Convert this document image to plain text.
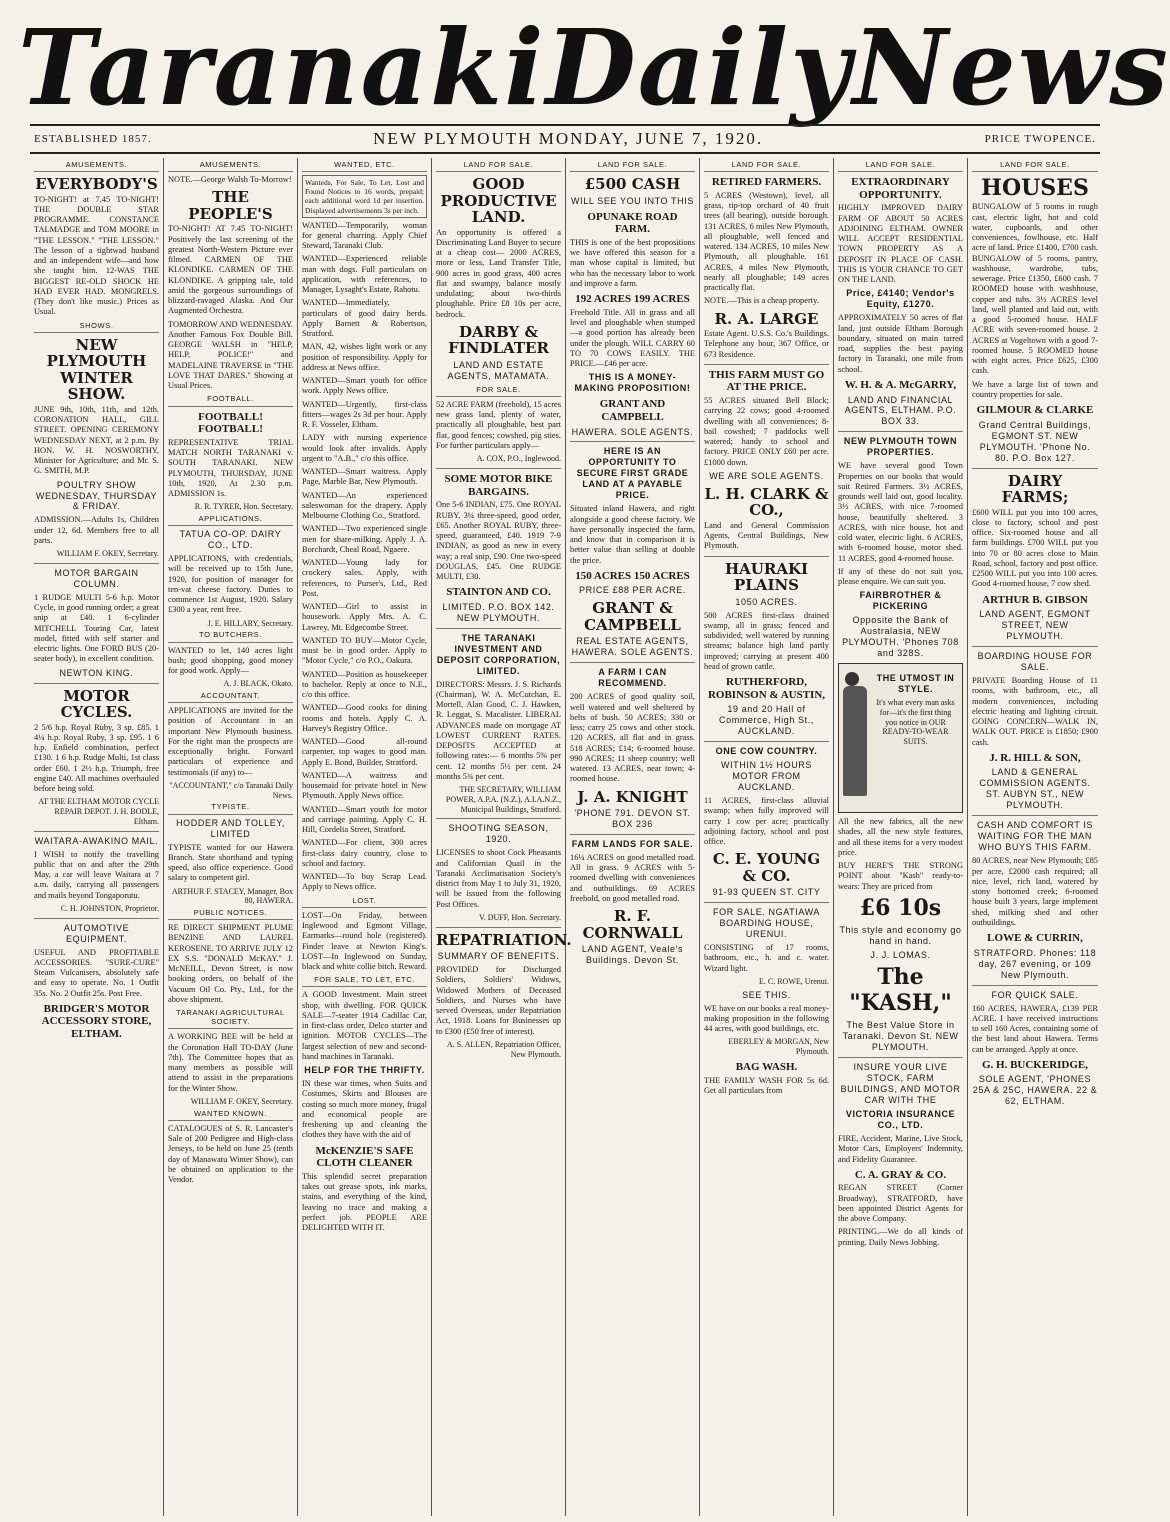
Taranaki Daily News
ESTABLISHED 1857.	NEW PLYMOUTH MONDAY, JUNE 7, 1920.	PRICE TWOPENCE.
AMUSEMENTS.
EVERYBODY'S
TO-NIGHT! at 7.45 TO-NIGHT! THE DOUBLE STAR PROGRAMME. CONSTANCE TALMADGE and TOM MOORE in "THE LESSON." "THE LESSON." The lesson of a tightwad husband and an independent wife—and how she taught him. 12-WAS THE BIGGEST RE-OLD SHOCK HE HAD EVER HAD. MONGRELS. (They don't like music.) Prices as Usual.
SHOWS.
NEW PLYMOUTH WINTER SHOW.
JUNE 9th, 10th, 11th, and 12th. CORONATION HALL, GILL STREET. OPENING CEREMONY WEDNESDAY NEXT, at 2 p.m. By HON. W. H. NOSWORTHY, Minister for Agriculture; and Mr. S. G. SMITH, M.P.
POULTRY SHOW WEDNESDAY, THURSDAY & FRIDAY.
ADMISSION.—Adults 1s, Children under 12, 6d. Members free to all parts.
WILLIAM F. OKEY, Secretary.
MOTOR BARGAIN COLUMN.
1 RUDGE MULTI 5-6 h.p. Motor Cycle, in good running order; a great snip at £40. 1 6-cylinder MITCHELL Touring Car, latest model, fitted with self starter and electric lights. One FORD BUS (20-seater body), in excellent condition.
NEWTON KING.
MOTOR CYCLES.
2 5/6 h.p. Royal Ruby, 3 sp. £85. 1 4¼ h.p. Royal Ruby, 3 sp. £95. 1 6 h.p. Enfield combination, perfect £130. 1 6 h.p. Rudge Multi, 1st class order £60. 1 2½ h.p. Triumph, free engine £40. All machines overhauled before being sold.
AT THE ELTHAM MOTOR CYCLE REPAIR DEPOT. J. H. BODLE, Eltham.
WAITARA-AWAKINO MAIL.
I WISH to notify the travelling public that on and after the 29th May, a car will leave Waitara at 7 a.m. daily, carrying all passengers and mails beyond Tongaporutu.
C. H. JOHNSTON, Proprietor.
AUTOMOTIVE EQUIPMENT.
USEFUL AND PROFITABLE ACCESSORIES. "SURE-CURE" Steam Vulcanisers, absolutely safe and easy to operate. No. 1 Outfit 35s. No. 2 Outfit 25s. Post Free.
BRIDGER'S MOTOR ACCESSORY STORE, ELTHAM.
AMUSEMENTS.
NOTE.—George Walsh To-Morrow!
THE PEOPLE'S
TO-NIGHT! AT 7.45 TO-NIGHT! Positively the last screening of the greatest North-Western Picture ever filmed. CARMEN OF THE KLONDIKE. CARMEN OF THE KLONDIKE. A gripping tale, told amid the gorgeous surroundings of blizzard-ravaged Alaska. And Our Augmented Orchestra.
TOMORROW AND WEDNESDAY. Another Famous Fox Double Bill. GEORGE WALSH in "HELP, HELP, POLICE!" and MADELAINE TRAVERSE in "THE LOVE THAT DARES." Showing at Usual Prices.
FOOTBALL.
FOOTBALL! FOOTBALL!
REPRESENTATIVE TRIAL MATCH NORTH TARANAKI v. SOUTH TARANAKI. NEW PLYMOUTH, THURSDAY, JUNE 10th, 1920, At 2.30 p.m. ADMISSION 1s.
R. R. TYRER, Hon. Secretary.
APPLICATIONS.
TATUA CO-OP. DAIRY CO., LTD.
APPLICATIONS, with credentials, will be received up to 15th June, 1920, for position of manager for ten-vat cheese factory. Duties to commence 1st August, 1920. Salary £300 a year, rent free.
J. E. HILLARY, Secretary.
TO BUTCHERS.
WANTED to let, 140 acres light bush; good shopping, good money for good work. Apply—
A. J. BLACK, Okato.
ACCOUNTANT.
APPLICATIONS are invited for the position of Accountant in an important New Plymouth business. For the right man the prospects are exceptionally bright. Forward particulars of experience and testimonials (if any) to—
"ACCOUNTANT," c/o Taranaki Daily News.
TYPISTE.
HODDER AND TOLLEY, LIMITED
TYPISTE wanted for our Hawera Branch. State shorthand and typing speed, also office experience. Good salary to competent girl.
ARTHUR F. STACEY, Manager, Box 80, HAWERA.
PUBLIC NOTICES.
RE DIRECT SHIPMENT PLUME BENZINE AND LAUREL KEROSENE. TO ARRIVE JULY 12 EX S.S. "DONALD McKAY." J. McNEILL, Devon Street, is now booking orders, on behalf of the Vacuum Oil Co. Pty., Ltd., for the above shipment.
TARANAKI AGRICULTURAL SOCIETY.
A WORKING BEE will be held at the Coronation Hall TO-DAY (June 7th). The Committee hopes that as many members as possible will attend to assist in the preparations for the Winter Show.
WILLIAM F. OKEY, Secretary.
WANTED KNOWN.
CATALOGUES of S. R. Lancaster's Sale of 200 Pedigree and High-class Jerseys, to be held on June 25 (tenth day of Manawatu Winter Show), can be obtained on application to the Vendor.
WANTED, ETC.
Wanteds, For Sale, To Let, Lost and Found Notices to 16 words, prepaid; each additional word 1d per insertion. Displayed advertisements 3s per inch.
WANTED—Temporarily, woman for general charring. Apply Chief Steward, Taranaki Club.
WANTED—Experienced reliable man with dogs. Full particulars on application, with references, to Manager, Lysaght's Estate, Rahotu.
WANTED—Immediately, particulars of good dairy herds. Apply Barnett & Robertson, Stratford.
MAN, 42, wishes light work or any position of responsibility. Apply for address at News office.
WANTED—Smart youth for office work. Apply News office.
WANTED—Urgently, first-class fitters—wages 2s 3d per hour. Apply R. F. Vosseler, Eltham.
LADY with nursing experience would look after invalids. Apply urgent to "A.B.," c/o this office.
WANTED—Smart waitress. Apply Page, Marble Bar, New Plymouth.
WANTED—An experienced saleswoman for the drapery. Apply Melbourne Clothing Co., Stratford.
WANTED—Two experienced single men for share-milking. Apply J. A. Borchardt, Cheal Road, Ngaere.
WANTED—Young lady for crockery sales. Apply, with references, to Purser's, Ltd., Red Post.
WANTED—Girl to assist in housework. Apply Mrs. A. C. Lawrey, Mt. Edgecombe Street.
WANTED TO BUY—Motor Cycle, must be in good order. Apply to "Motor Cycle," c/o P.O., Oakura.
WANTED—Position as housekeeper to bachelor. Reply at once to N.E., c/o this office.
WANTED—Good cooks for dining rooms and hotels. Apply C. A. Harvey's Registry Office.
WANTED—Good all-round carpenter, top wages to good man. Apply E. Bond, Builder, Stratford.
WANTED—A waitress and housemaid for private hotel in New Plymouth. Apply News office.
WANTED—Smart youth for motor and carriage painting. Apply C. H. Hill, Cordelia Street, Stratford.
WANTED—For client, 300 acres first-class dairy country, close to school and factory.
WANTED—To buy Scrap Lead. Apply to News office.
LOST.
LOST—On Friday, between Inglewood and Egmont Village, Earmarks—round hole (registered). Finder leave at Newton King's. LOST—In Inglewood on Sunday, black and white collie bitch. Reward.
FOR SALE, TO LET, ETC.
A GOOD Investment. Main street shop, with dwelling. FOR QUICK SALE—7-seater 1914 Cadillac Car, in first-class order, Delco starter and ignition. MOTOR CYCLES—The largest selection of new and second-hand machines in Taranaki.
HELP FOR THE THRIFTY.
IN these war times, when Suits and Costumes, Skirts and Blouses are costing so much more money, frugal and economical people are freshening up and cleaning the clothes they have with the aid of
McKENZIE'S SAFE CLOTH CLEANER
This splendid secret preparation takes out grease spots, ink marks, stains, and everything of the kind, leaving no trace and making a perfect job. PEOPLE ARE DELIGHTED WITH IT.
LAND FOR SALE.
GOOD PRODUCTIVE LAND.
An opportunity is offered a Discriminating Land Buyer to secure at a cheap cost— 2000 ACRES, more or less, Land Transfer Title, 900 acres in good grass, 400 acres flat and swampy, balance mostly undulating; about two-thirds ploughable. Price £8 10s per acre, bedrock.
DARBY & FINDLATER
LAND AND ESTATE AGENTS, MATAMATA.
FOR SALE.
52 ACRE FARM (freehold), 15 acres new grass land, plenty of water, practically all ploughable, best part flat, good fences; cowshed, pig sties. For further particulars apply—
A. COX, P.O., Inglewood.
SOME MOTOR BIKE BARGAINS.
One 5-6 INDIAN, £75. One ROYAL RUBY, 3¼ three-speed, good order, £65. Another ROYAL RUBY, three-speed, guaranteed, £40. 1919 7-9 INDIAN, as good as new in every way; a real snip, £90. One two-speed DOUGLAS, £45. One RUDGE MULTI, £30.
STAINTON AND CO.
LIMITED. P.O. BOX 142. NEW PLYMOUTH.
THE TARANAKI INVESTMENT AND DEPOSIT CORPORATION, LIMITED.
DIRECTORS: Messrs. J. S. Richards (Chairman), W. A. McCutchan, E. Mortell, Alan Good, C. J. Hawken, R. Leggat, S. Macalister. LIBERAL ADVANCES made on mortgage AT LOWEST CURRENT RATES. DEPOSITS ACCEPTED at following rates:— 6 months 5% per cent. 12 months 5½ per cent. 24 months 5¾ per cent.
THE SECRETARY, WILLIAM POWER, A.P.A. (N.Z.), A.I.A.N.Z., Municipal Buildings, Stratford.
SHOOTING SEASON, 1920.
LICENSES to shoot Cock Pheasants and Californian Quail in the Taranaki Acclimatisation Society's district from May 1 to July 31, 1920, will be issued from the following Post Offices.
V. DUFF, Hon. Secretary.
REPATRIATION.
SUMMARY OF BENEFITS.
PROVIDED for Discharged Soldiers, Soldiers' Widows, Widowed Mothers of Deceased Soldiers, and Nurses who have served Overseas, under Repatriation Act, 1918. Loans for Businesses up to £300 (£50 free of interest).
A. S. ALLEN, Repatriation Officer, New Plymouth.
LAND FOR SALE.
£500 CASH
WILL SEE YOU INTO THIS
OPUNAKE ROAD FARM.
THIS is one of the best propositions we have offered this season for a man whose capital is limited, but who has the necessary labor to work and improve a farm.
192 ACRES 199 ACRES
Freehold Title. All in grass and all level and ploughable when stumped—a good portion has already been under the plough. WILL CARRY 60 TO 70 COWS EASILY. THE PRICE.—£46 per acre.
THIS IS A MONEY-MAKING PROPOSITION!
GRANT AND CAMPBELL
HAWERA. SOLE AGENTS.
HERE IS AN OPPORTUNITY TO SECURE FIRST GRADE LAND AT A PAYABLE PRICE.
Situated inland Hawera, and right alongside a good cheese factory. We have personally inspected the farm, and know that in comparison it is better value than selling at double the price.
150 ACRES 150 ACRES
PRICE £88 PER ACRE.
GRANT & CAMPBELL
REAL ESTATE AGENTS, HAWERA. SOLE AGENTS.
A FARM I CAN RECOMMEND.
200 ACRES of good quality soil, well watered and well sheltered by belts of bush. 50 ACRES; 330 or less; carry 25 cows and other stock. 120 ACRES, all flat and in grass. 518 ACRES; £14; 6-roomed house. 990 ACRES; 11 sheep country; well watered. 13 ACRES, near town; 4-roomed house.
J. A. KNIGHT
'PHONE 791. DEVON ST. BOX 236
FARM LANDS FOR SALE.
16¼ ACRES on good metalled road. All in grass. 9 ACRES with 5-roomed dwelling with conveniences and outbuildings. 69 ACRES freehold, on good metalled road.
R. F. CORNWALL
LAND AGENT, Veale's Buildings. Devon St.
LAND FOR SALE.
RETIRED FARMERS.
5 ACRES (Westown), level, all grass, tip-top orchard of 40 fruit trees (all bearing), outside borough. 131 ACRES, 6 miles New Plymouth, all ploughable, well fenced and watered. 134 ACRES, 10 miles New Plymouth, all ploughable. 161 ACRES, 4 miles New Plymouth, nearly all ploughable; 149 acres practically flat.
NOTE.—This is a cheap property.
R. A. LARGE
Estate Agent. U.S.S. Co.'s Buildings. Telephone any hour, 367 Office, or 673 Residence.
THIS FARM MUST GO AT THE PRICE.
55 ACRES situated Bell Block; carrying 22 cows; good 4-roomed dwelling with all conveniences; 8-bail cowshed; 7 paddocks well watered; handy to school and factory. PRICE ONLY £60 per acre. £1000 down.
WE ARE SOLE AGENTS.
L. H. CLARK & CO.,
Land and General Commission Agents, Central Buildings, New Plymouth.
HAURAKI PLAINS
1050 ACRES.
500 ACRES first-class drained swamp, all in grass; fenced and subdivided; well watered by running streams; balance high land partly improved; carrying at present 400 head of grown cattle.
RUTHERFORD, ROBINSON & AUSTIN,
19 and 20 Hall of Commerce, High St., AUCKLAND.
ONE COW COUNTRY.
WITHIN 1½ HOURS MOTOR FROM AUCKLAND.
11 ACRES, first-class alluvial swamp; when fully improved will carry 1 cow per acre; practically adjoining factory, school and post office.
C. E. YOUNG & CO.
91-93 QUEEN ST. CITY
FOR SALE. NGATIAWA BOARDING HOUSE, URENUI.
CONSISTING of 17 rooms, bathroom, etc., h. and c. water. Wizard light.
E. C. ROWE, Urenui.
SEE THIS.
WE have on our books a real money-making proposition in the following 44 acres, with good buildings, etc.
EBERLEY & MORGAN, New Plymouth.
BAG WASH.
THE FAMILY WASH FOR 5s 6d. Get all particulars from
LAND FOR SALE.
EXTRAORDINARY OPPORTUNITY.
HIGHLY IMPROVED DAIRY FARM OF ABOUT 50 ACRES ADJOINING ELTHAM. OWNER WILL ACCEPT RESIDENTIAL TOWN PROPERTY AS A DEPOSIT IN PLACE OF CASH. THIS IS YOUR CHANCE TO GET ON THE LAND.
Price, £4140; Vendor's Equity, £1270.
APPROXIMATELY 50 acres of flat land, just outside Eltham Borough boundary, situated on main tarred road, supplies the best paying factory in Taranaki, one mile from school.
W. H. & A. McGARRY,
LAND AND FINANCIAL AGENTS, ELTHAM. P.O. BOX 33.
NEW PLYMOUTH TOWN PROPERTIES.
WE have several good Town Properties on our books that would suit Retired Farmers. 3½ ACRES, grounds well laid out, good locality. 3½ ACRES, with nice 7-roomed house, beautifully sheltered. 3 ACRES, with nice house, hot and cold water, electric light. 6 ACRES, with 6-roomed house, motor shed. 11 ACRES, good 4-roomed house.
If any of these do not suit you, please enquire. We can suit you.
FAIRBROTHER & PICKERING
Opposite the Bank of Australasia, NEW PLYMOUTH. 'Phones 708 and 328S.
THE UTMOST IN STYLE.
It's what every man asks for—it's the first thing you notice in OUR READY-TO-WEAR SUITS.
All the new fabrics, all the new shades, all the new style features, and all these items for a very modest price.
BUY HERE'S THE STRONG POINT about "Kash" ready-to-wears: They are priced from
£6 10s
This style and economy go hand in hand.
J. J. LOMAS.
The "KASH,"
The Best Value Store in Taranaki. Devon St. NEW PLYMOUTH.
INSURE YOUR LIVE STOCK, FARM BUILDINGS, AND MOTOR CAR WITH THE
VICTORIA INSURANCE CO., LTD.
FIRE, Accident, Marine, Live Stock, Motor Cars, Employers' Indemnity, and Fidelity Guarantee.
C. A. GRAY & CO.
REGAN STREET (Corner Broadway), STRATFORD, have been appointed District Agents for the above Company.
PRINTING.—We do all kinds of printing. Daily News Jobbing.
LAND FOR SALE.
HOUSES
BUNGALOW of 5 rooms in rough cast, electric light, hot and cold water, cupboards, and other conveniences, fowlhouse, etc. Half acre of land. Price £1400, £700 cash. BUNGALOW of 5 rooms, pantry, washhouse, wardrobe, tubs, sewerage. Price £1350, £600 cash. 7 ROOMED house with washhouse, copper and tubs. 3½ ACRES level land, well planted and laid out, with a good 5-roomed house. HALF ACRE with seven-roomed house. 2 ACRES at Vogeltown with a good 7-roomed house. 5 ROOMED house with eight acres. Price £625, £300 cash.
We have a large list of town and country properties for sale.
GILMOUR & CLARKE
Grand Central Buildings, EGMONT ST. NEW PLYMOUTH. 'Phone No. 80. P.O. Box 127.
DAIRY FARMS;
£600 WILL put you into 100 acres, close to factory, school and post office. Six-roomed house and all farm buildings. £700 WILL put you into 70 or 80 acres close to Main Road, school, factory and post office. £2500 WILL put you into 100 acres. Good 4-roomed house, 7 cow shed.
ARTHUR B. GIBSON
LAND AGENT, EGMONT STREET, NEW PLYMOUTH.
BOARDING HOUSE FOR SALE.
PRIVATE Boarding House of 11 rooms, with bathroom, etc., all modern conveniences, including electric heating and lighting circuit. GOING CONCERN—WALK IN, WALK OUT. PRICE is £1850; £900 cash.
J. R. HILL & SON,
LAND & GENERAL COMMISSION AGENTS. ST. AUBYN ST., NEW PLYMOUTH.
CASH AND COMFORT IS WAITING FOR THE MAN WHO BUYS THIS FARM.
80 ACRES, near New Plymouth; £85 per acre, £2000 cash required; all nice, level, rich land, watered by stony bottomed creek; 6-roomed house built 3 years, large implement shed, milking shed and other outbuildings.
LOWE & CURRIN,
STRATFORD. Phones: 118 day, 267 evening, or 109 New Plymouth.
FOR QUICK SALE.
160 ACRES, HAWERA, £139 PER ACRE. I have received instructions to sell 160 Acres, containing some of the best land about Hawera. Terms can be arranged. Apply at once.
G. H. BUCKERIDGE,
SOLE AGENT, 'PHONES 25A & 25C, HAWERA. 22 & 62, ELTHAM.
